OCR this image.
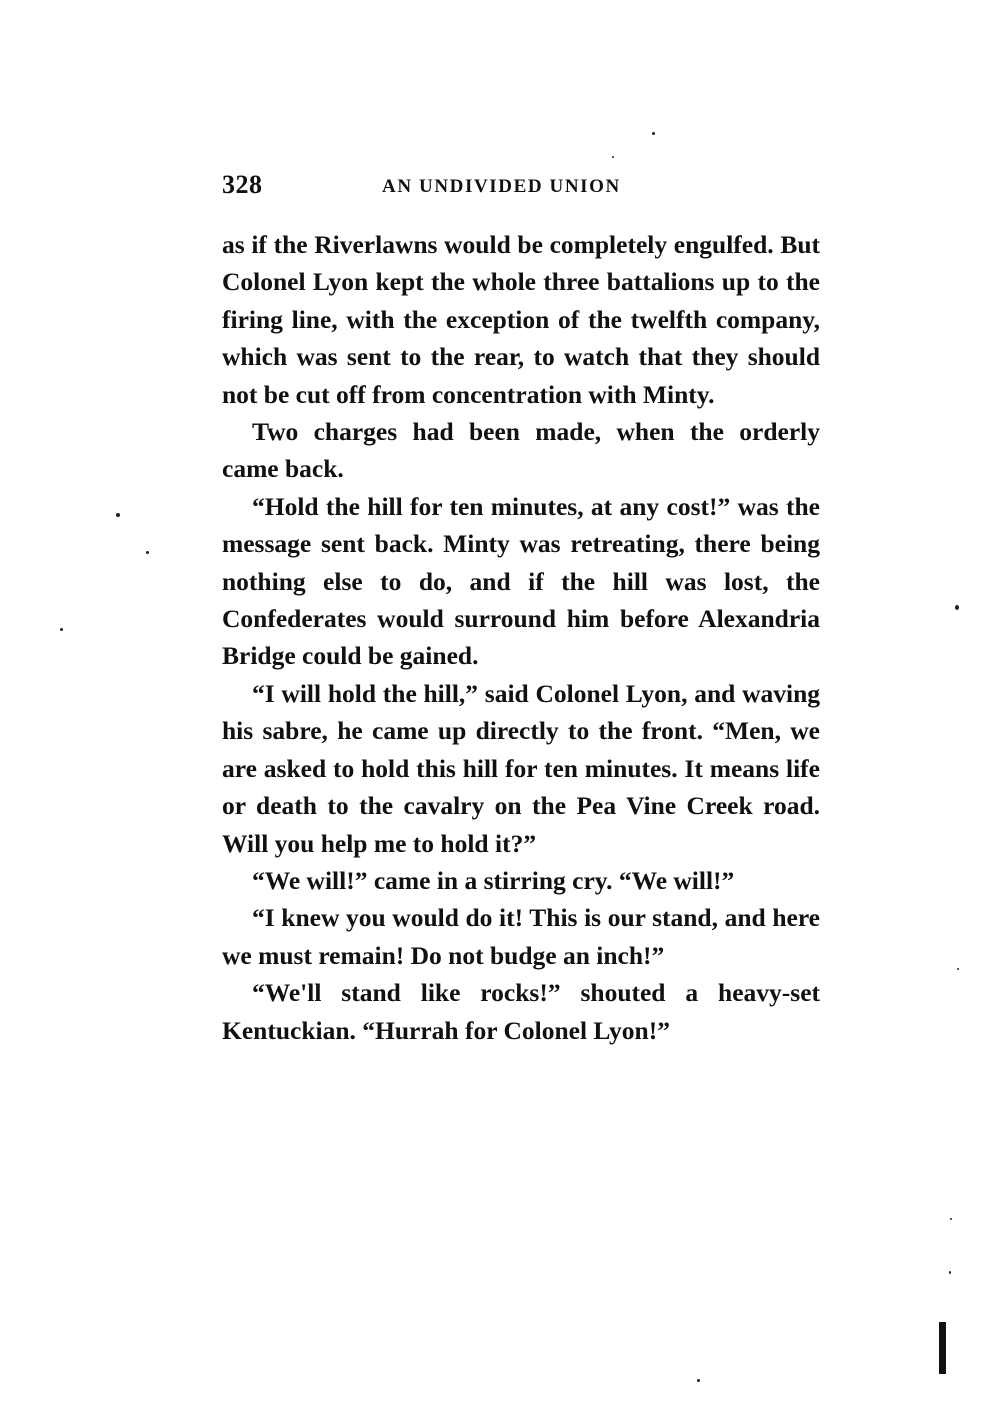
328	AN UNDIVIDED UNION

as if the Riverlawns would be completely engulfed. But Colonel Lyon kept the whole three battalions up to the firing line, with the exception of the twelfth company, which was sent to the rear, to watch that they should not be cut off from concentration with Minty.

Two charges had been made, when the orderly came back.

“Hold the hill for ten minutes, at any cost!” was the message sent back. Minty was retreating, there being nothing else to do, and if the hill was lost, the Confederates would surround him before Alexandria Bridge could be gained.

“I will hold the hill,” said Colonel Lyon, and waving his sabre, he came up directly to the front. “Men, we are asked to hold this hill for ten minutes. It means life or death to the cavalry on the Pea Vine Creek road. Will you help me to hold it?”

“We will!” came in a stirring cry. “We will!”

“I knew you would do it! This is our stand, and here we must remain! Do not budge an inch!”

“We'll stand like rocks!” shouted a heavy-set Kentuckian. “Hurrah for Colonel Lyon!”
